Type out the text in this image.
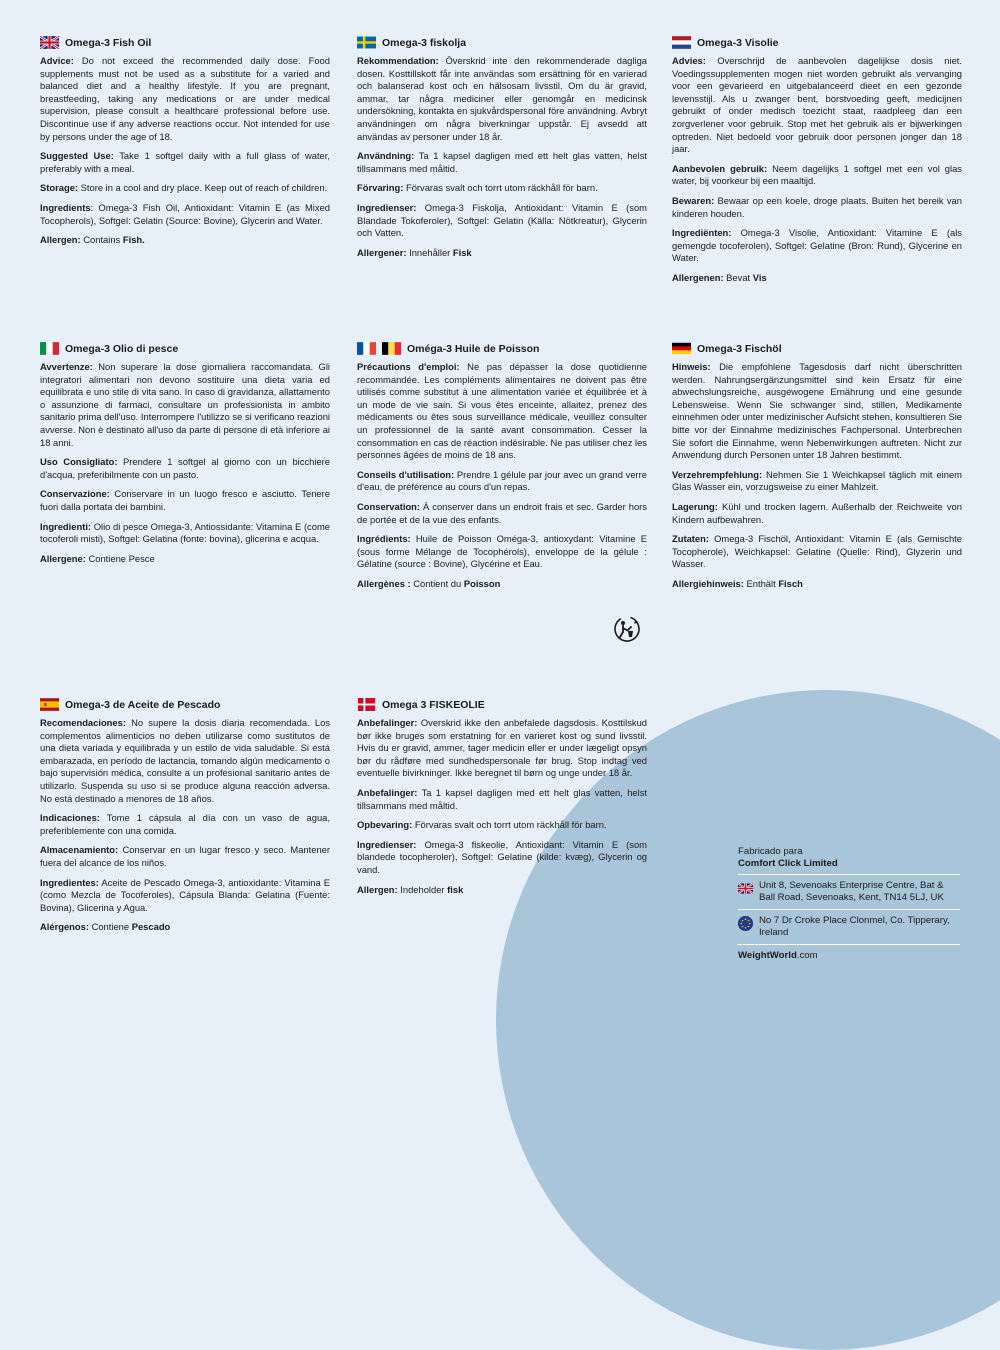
Omega-3 Fish Oil

Advice: Do not exceed the recommended daily dose. Food supplements must not be used as a substitute for a varied and balanced diet and a healthy lifestyle. If you are pregnant, breastfeeding, taking any medications or are under medical supervision, please consult a healthcare professional before use. Discontinue use if any adverse reactions occur. Not intended for use by persons under the age of 18.

Suggested Use: Take 1 softgel daily with a full glass of water, preferably with a meal.

Storage: Store in a cool and dry place. Keep out of reach of children.

Ingredients: Omega-3 Fish Oil, Antioxidant: Vitamin E (as Mixed Tocopherols), Softgel: Gelatin (Source: Bovine), Glycerin and Water.

Allergen: Contains Fish.

Omega-3 fiskolja

Rekommendation: Överskrid inte den rekommenderade dagliga dosen. Kosttillskott får inte användas som ersättning för en varierad och balanserad kost och en hälsosam livsstil. Om du är gravid, ammar, tar några mediciner eller genomgår en medicinsk undersökning, kontakta en sjukvårdspersonal före användning. Avbryt användningen om några biverkningar uppstår. Ej avsedd att användas av personer under 18 år.

Användning: Ta 1 kapsel dagligen med ett helt glas vatten, helst tillsammans med måltid.

Förvaring: Förvaras svalt och torrt utom räckhåll för barn.

Ingredienser: Omega-3 Fiskolja, Antioxidant: Vitamin E (som Blandade Tokoferoler), Softgel: Gelatin (Källa: Nötkreatur), Glycerin och Vatten.

Allergener: Innehåller Fisk

Omega-3 Visolie

Advies: Overschrijd de aanbevolen dagelijkse dosis niet. Voedingssupplementen mogen niet worden gebruikt als vervanging voor een gevarieerd en uitgebalanceerd dieet en een gezonde levensstijl. Als u zwanger bent, borstvoeding geeft, medicijnen gebruikt of onder medisch toezicht staat, raadpleeg dan een zorgverlener voor gebruik. Stop met het gebruik als er bijwerkingen optreden. Niet bedoeld voor gebruik door personen jonger dan 18 jaar.

Aanbevolen gebruik: Neem dagelijks 1 softgel met een vol glas water, bij voorkeur bij een maaltijd.

Bewaren: Bewaar op een koele, droge plaats. Buiten het bereik van kinderen houden.

Ingrediënten: Omega-3 Visolie, Antioxidant: Vitamine E (als gemengde tocoferolen), Softgel: Gelatine (Bron: Rund), Glycerine en Water.

Allergenen: Bevat Vis

Omega-3 Olio di pesce

Avvertenze: Non superare la dose giornaliera raccomandata. Gli integratori alimentari non devono sostituire una dieta varia ed equilibrata e uno stile di vita sano. In caso di gravidanza, allattamento o assunzione di farmaci, consultare un professionista in ambito sanitario prima dell'uso. Interrompere l'utilizzo se si verificano reazioni avverse. Non è destinato all'uso da parte di persone di età inferiore ai 18 anni.

Uso Consigliato: Prendere 1 softgel al giorno con un bicchiere d'acqua, preferibilmente con un pasto.

Conservazione: Conservare in un luogo fresco e asciutto. Tenere fuori dalla portata dei bambini.

Ingredienti: Olio di pesce Omega-3, Antiossidante: Vitamina E (come tocoferoli misti), Softgel: Gelatina (fonte: bovina), glicerina e acqua.

Allergene: Contiene Pesce

Oméga-3 Huile de Poisson

Précautions d'emploi: Ne pas dépasser la dose quotidienne recommandée. Les compléments alimentaires ne doivent pas être utilisés comme substitut à une alimentation variée et équilibrée et à un mode de vie sain. Si vous êtes enceinte, allaitez, prenez des médicaments ou êtes sous surveillance médicale, veuillez consulter un professionnel de la santé avant consommation. Cesser la consommation en cas de réaction indésirable. Ne pas utiliser chez les personnes âgées de moins de 18 ans.

Conseils d'utilisation: Prendre 1 gélule par jour avec un grand verre d'eau, de préférence au cours d'un repas.

Conservation: À conserver dans un endroit frais et sec. Garder hors de portée et de la vue des enfants.

Ingrédients: Huile de Poisson Oméga-3, antioxydant: Vitamine E (sous forme Mélange de Tocophérols), enveloppe de la gélule : Gélatine (source : Bovine), Glycérine et Eau.

Allergènes : Contient du Poisson

Omega-3 Fischöl

Hinweis: Die empfohlene Tagesdosis darf nicht überschritten werden. Nahrungsergänzungsmittel sind kein Ersatz für eine abwechslungsreiche, ausgewogene Ernährung und eine gesunde Lebensweise. Wenn Sie schwanger sind, stillen, Medikamente einnehmen oder unter medizinischer Aufsicht stehen, konsultieren Sie bitte vor der Einnahme medizinisches Fachpersonal. Unterbrechen Sie sofort die Einnahme, wenn Nebenwirkungen auftreten. Nicht zur Anwendung durch Personen unter 18 Jahren bestimmt.

Verzehrempfehlung: Nehmen Sie 1 Weichkapsel täglich mit einem Glas Wasser ein, vorzugsweise zu einer Mahlzeit.

Lagerung: Kühl und trocken lagern. Außerhalb der Reichweite von Kindern aufbewahren.

Zutaten: Omega-3 Fischöl, Antioxidant: Vitamin E (als Gemischte Tocopherole), Weichkapsel: Gelatine (Quelle: Rind), Glyzerin und Wasser.

Allergiehinweis: Enthält Fisch

Omega-3 de Aceite de Pescado

Recomendaciones: No supere la dosis diaria recomendada. Los complementos alimenticios no deben utilizarse como sustitutos de una dieta variada y equilibrada y un estilo de vida saludable. Si está embarazada, en período de lactancia, tomando algún medicamento o bajo supervisión médica, consulte a un profesional sanitario antes de utilizarlo. Suspenda su uso si se produce alguna reacción adversa. No está destinado a menores de 18 años.

Indicaciones: Tome 1 cápsula al día con un vaso de agua, preferiblemente con una comida.

Almacenamiento: Conservar en un lugar fresco y seco. Mantener fuera del alcance de los niños.

Ingredientes: Aceite de Pescado Omega-3, antioxidante: Vitamina E (como Mezcla de Tocoferoles), Cápsula Blanda: Gelatina (Fuente: Bovina), Glicerina y Agua.

Alérgenos: Contiene Pescado

Omega 3 FISKEOLIE

Anbefalinger: Overskrid ikke den anbefalede dagsdosis. Kosttilskud bør ikke bruges som erstatning for en varieret kost og sund livsstil. Hvis du er gravid, ammer, tager medicin eller er under lægeligt opsyn bør du rådføre med sundhedspersonale før brug. Stop indtag ved eventuelle bivirkninger. Ikke beregnet til børn og unge under 18 år.

Anbefalinger: Ta 1 kapsel dagligen med ett helt glas vatten, helst tillsammans med måltid.

Opbevaring: Förvaras svalt och torrt utom räckhåll för barn.

Ingredienser: Omega-3 fiskeolie, Antioxidant: Vitamin E (som blandede tocopheroler), Softgel: Gelatine (kilde: kvæg), Glycerin og vand.

Allergen: Indeholder fisk

Fabricado para
Comfort Click Limited
Unit 8, Sevenoaks Enterprise Centre, Bat & Ball Road, Sevenoaks, Kent, TN14 5LJ, UK
No 7 Dr Croke Place Clonmel, Co. Tipperary, Ireland
WeightWorld.com
